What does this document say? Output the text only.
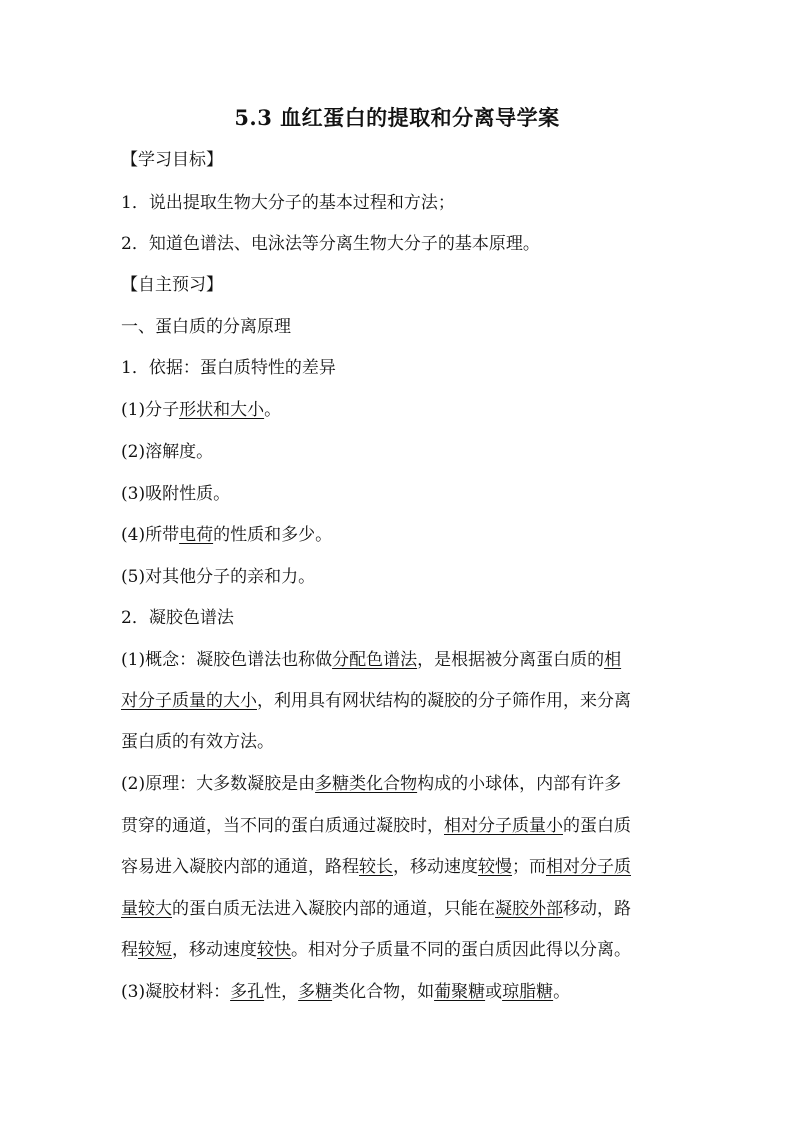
5.3 血红蛋白的提取和分离导学案
【学习目标】
1．说出提取生物大分子的基本过程和方法；
2．知道色谱法、电泳法等分离生物大分子的基本原理。
【自主预习】
一、蛋白质的分离原理
1．依据：蛋白质特性的差异
(1)分子形状和大小。
(2)溶解度。
(3)吸附性质。
(4)所带电荷的性质和多少。
(5)对其他分子的亲和力。
2．凝胶色谱法
(1)概念：凝胶色谱法也称做分配色谱法，是根据被分离蛋白质的相
对分子质量的大小，利用具有网状结构的凝胶的分子筛作用，来分离
蛋白质的有效方法。
(2)原理：大多数凝胶是由多糖类化合物构成的小球体，内部有许多
贯穿的通道，当不同的蛋白质通过凝胶时，相对分子质量小的蛋白质
容易进入凝胶内部的通道，路程较长，移动速度较慢；而相对分子质
量较大的蛋白质无法进入凝胶内部的通道，只能在凝胶外部移动，路
程较短，移动速度较快。相对分子质量不同的蛋白质因此得以分离。
(3)凝胶材料：多孔性，多糖类化合物，如葡聚糖或琼脂糖。
